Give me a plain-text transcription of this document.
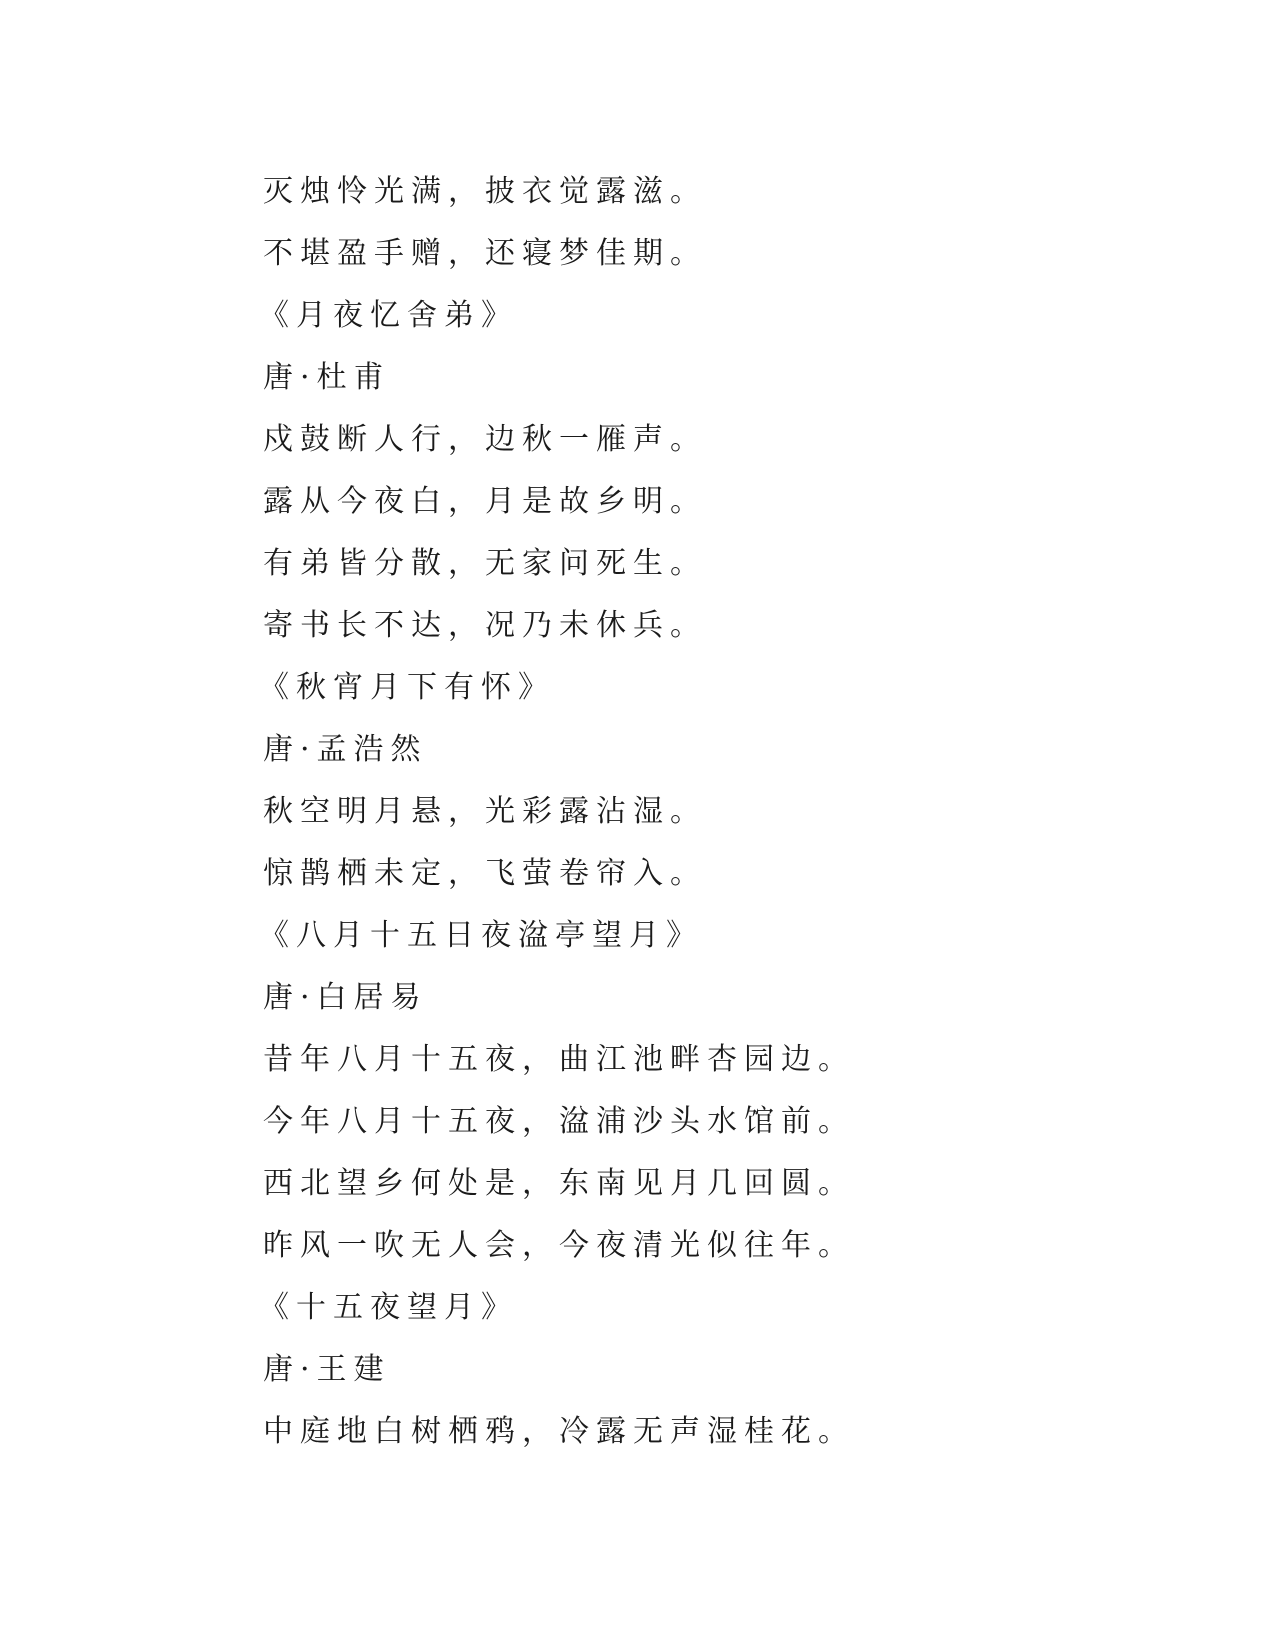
灭烛怜光满，披衣觉露滋。
不堪盈手赠，还寝梦佳期。
《月夜忆舍弟》
唐·杜甫
戍鼓断人行，边秋一雁声。
露从今夜白，月是故乡明。
有弟皆分散，无家问死生。
寄书长不达，况乃未休兵。
《秋宵月下有怀》
唐·孟浩然
秋空明月悬，光彩露沾湿。
惊鹊栖未定，飞萤卷帘入。
《八月十五日夜湓亭望月》
唐·白居易
昔年八月十五夜，曲江池畔杏园边。
今年八月十五夜，湓浦沙头水馆前。
西北望乡何处是，东南见月几回圆。
昨风一吹无人会，今夜清光似往年。
《十五夜望月》
唐·王建
中庭地白树栖鸦，冷露无声湿桂花。
